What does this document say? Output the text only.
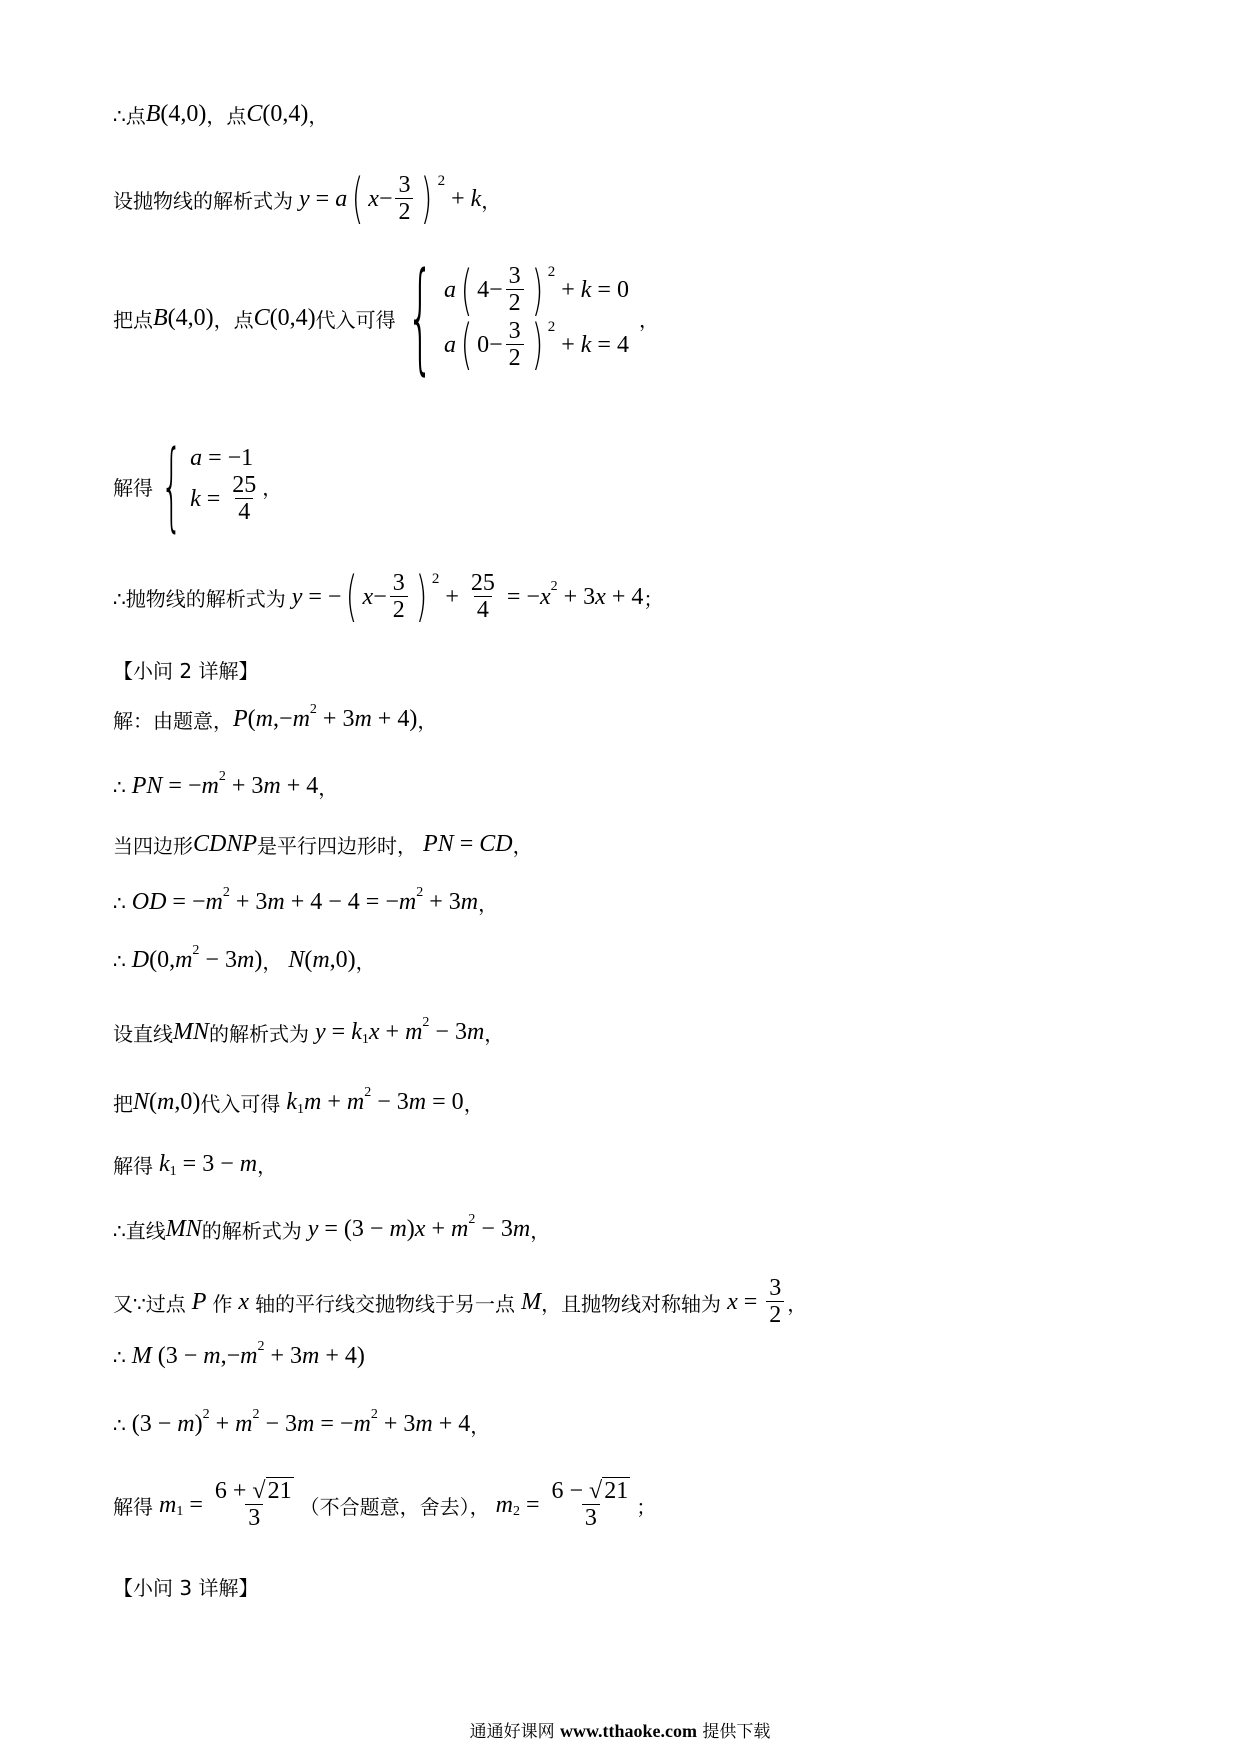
∴点 B (4,0) ，点 C (0,4) ，
设抛物线的解析式为 y = a ( $x - \frac{3}{2}$ ) 2
+ k ，
把点 B (4,0) ，点 C (0,4) 代入可得 { a ( $4- \frac{3}{2}$ ) 2
+ k = 0
a ( $0- \frac{3}{2}$ ) 2
+ k = 4
，
解得 { a = −1
$k = \frac{25}{4}$ ，
∴抛物线的解析式为 y = − ( $x - \frac{3}{2}$ ) 2
+ $\frac{25}{4}$ = − x 2 + 3 x + 4 ；
【小问 2 详解】
解：由题意， P ( m ,− m 2 + 3 m + 4) ，
∴ PN = − m 2 + 3 m + 4 ，
当四边形 CDNP 是平行四边形时， PN = CD ，
∴ OD = − m 2 + 3 m + 4 − 4 = − m 2 + 3 m ，
∴ D (0, m 2 − 3 m ) ， N ( m ,0) ，
设直线 MN 的解析式为 y = k 1 x + m 2 − 3 m ，
把 N ( m ,0) 代入可得 k 1 m + m 2 − 3 m = 0 ，
解得 k 1 = 3 − m ，
∴直线 MN 的解析式为 y = (3 − m ) x + m 2 − 3 m ，
又∵过点 P 作 x 轴的平行线交抛物线于另一点 M ，且抛物线对称轴为 $x = \frac{3}{2}$ ，
∴ M (3 − m ,− m 2 + 3 m + 4)
∴ (3 − m ) 2 + m 2 − 3 m = − m 2 + 3 m + 4 ，
解得 m $1 = \frac{6 + √21}{3}$ （不合题意，舍去）， m $2 = \frac{6 - √21}{3}$ ；
【小问 3 详解】
通通好课网 www.tthaoke.com 提供下载
